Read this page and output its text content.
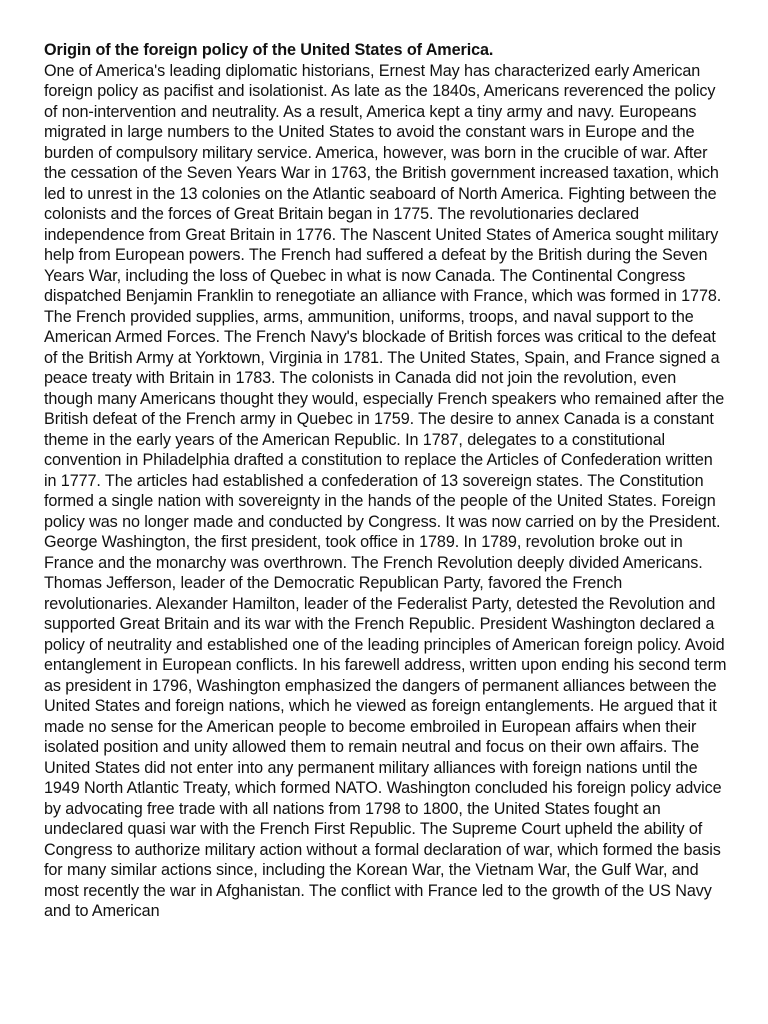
Origin of the foreign policy of the United States of America.

One of America's leading diplomatic historians, Ernest May has characterized early American foreign policy as pacifist and isolationist. As late as the 1840s, Americans reverenced the policy of non-intervention and neutrality. As a result, America kept a tiny army and navy. Europeans migrated in large numbers to the United States to avoid the constant wars in Europe and the burden of compulsory military service. America, however, was born in the crucible of war. After the cessation of the Seven Years War in 1763, the British government increased taxation, which led to unrest in the 13 colonies on the Atlantic seaboard of North America. Fighting between the colonists and the forces of Great Britain began in 1775. The revolutionaries declared independence from Great Britain in 1776. The Nascent United States of America sought military help from European powers. The French had suffered a defeat by the British during the Seven Years War, including the loss of Quebec in what is now Canada. The Continental Congress dispatched Benjamin Franklin to renegotiate an alliance with France, which was formed in 1778. The French provided supplies, arms, ammunition, uniforms, troops, and naval support to the American Armed Forces. The French Navy's blockade of British forces was critical to the defeat of the British Army at Yorktown, Virginia in 1781. The United States, Spain, and France signed a peace treaty with Britain in 1783. The colonists in Canada did not join the revolution, even though many Americans thought they would, especially French speakers who remained after the British defeat of the French army in Quebec in 1759. The desire to annex Canada is a constant theme in the early years of the American Republic. In 1787, delegates to a constitutional convention in Philadelphia drafted a constitution to replace the Articles of Confederation written in 1777. The articles had established a confederation of 13 sovereign states. The Constitution formed a single nation with sovereignty in the hands of the people of the United States. Foreign policy was no longer made and conducted by Congress. It was now carried on by the President. George Washington, the first president, took office in 1789. In 1789, revolution broke out in France and the monarchy was overthrown. The French Revolution deeply divided Americans. Thomas Jefferson, leader of the Democratic Republican Party, favored the French revolutionaries. Alexander Hamilton, leader of the Federalist Party, detested the Revolution and supported Great Britain and its war with the French Republic. President Washington declared a policy of neutrality and established one of the leading principles of American foreign policy. Avoid entanglement in European conflicts. In his farewell address, written upon ending his second term as president in 1796, Washington emphasized the dangers of permanent alliances between the United States and foreign nations, which he viewed as foreign entanglements. He argued that it made no sense for the American people to become embroiled in European affairs when their isolated position and unity allowed them to remain neutral and focus on their own affairs. The United States did not enter into any permanent military alliances with foreign nations until the 1949 North Atlantic Treaty, which formed NATO. Washington concluded his foreign policy advice by advocating free trade with all nations from 1798 to 1800, the United States fought an undeclared quasi war with the French First Republic. The Supreme Court upheld the ability of Congress to authorize military action without a formal declaration of war, which formed the basis for many similar actions since, including the Korean War, the Vietnam War, the Gulf War, and most recently the war in Afghanistan. The conflict with France led to the growth of the US Navy and to American
